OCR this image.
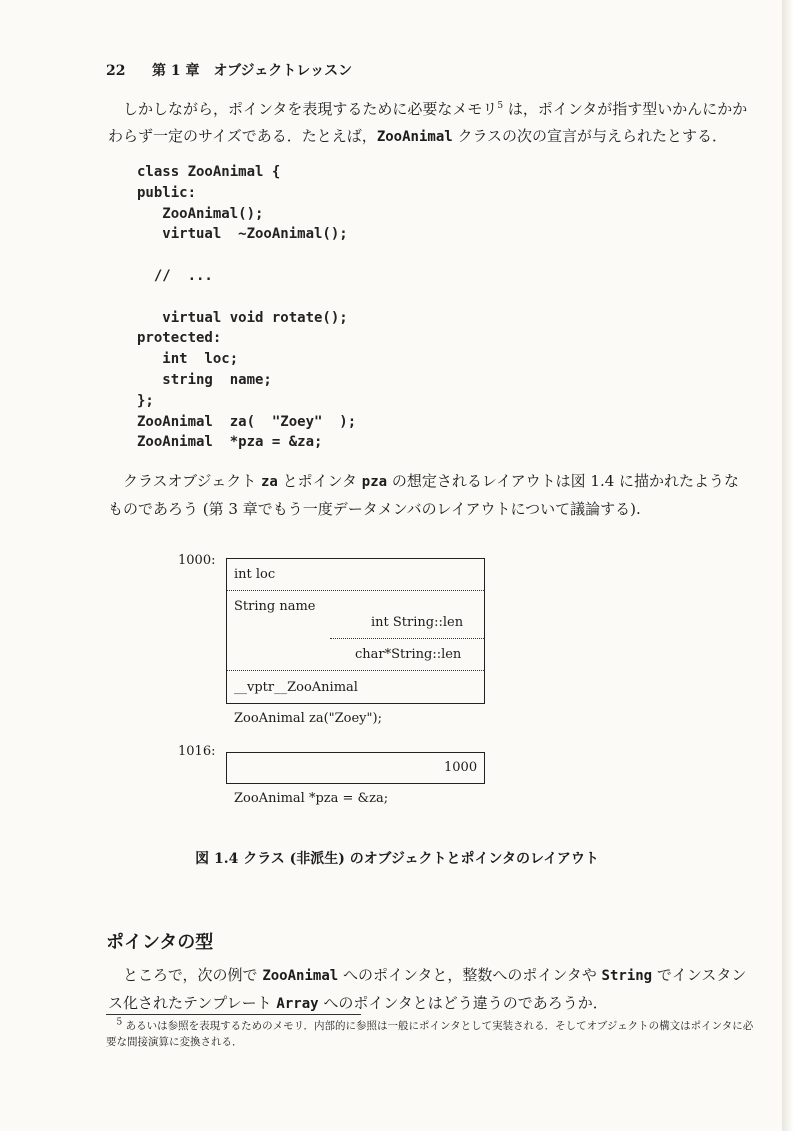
22 第 1 章　オブジェクトレッスン
しかしながら，ポインタを表現するために必要なメモリ$^5$ は，ポインタが指す型いかんにかかわらず一定のサイズである．たとえば，ZooAnimal クラスの次の宣言が与えられたとする．
class ZooAnimal {
public:
ZooAnimal();
virtual  ~ZooAnimal();
//  ...
virtual void rotate();
protected:
int  loc;
string  name;
};
ZooAnimal  za(  "Zoey"  );
ZooAnimal  *pza = &za;
クラスオブジェクト za とポインタ pza の想定されるレイアウトは図 1.4 に描かれたようなものであろう (第 3 章でもう一度データメンバのレイアウトについて議論する).
1000:
int loc
String name
int String::len
char*String::len
__vptr__ZooAnimal
ZooAnimal za("Zoey");
1016:
1000
ZooAnimal *pza = &za;
図 1.4 クラス (非派生) のオブジェクトとポインタのレイアウト
ポインタの型
ところで，次の例で ZooAnimal へのポインタと，整数へのポインタや String でインスタンス化されたテンプレート Array へのポインタとはどう違うのであろうか．
$^5$ あるいは参照を表現するためのメモリ．内部的に参照は一般にポインタとして実装される．そしてオブジェクトの構文はポインタに必要な間接演算に変換される．
